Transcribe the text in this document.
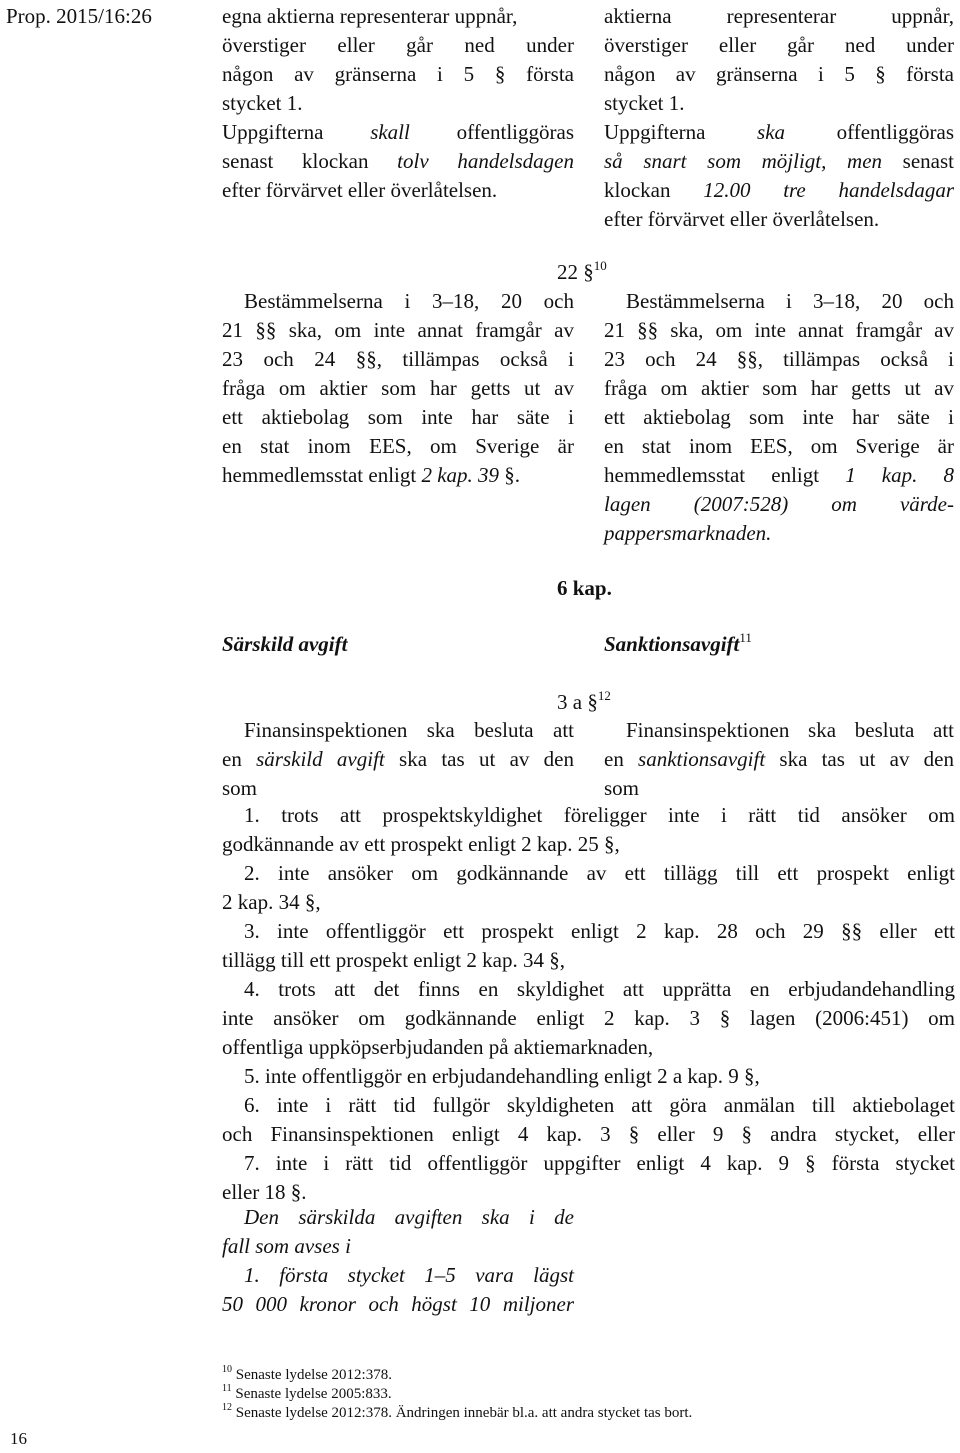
Prop. 2015/16:26
16
egna aktierna representerar uppnår,
överstiger eller går ned under
någon av gränserna i 5 § första
stycket 1.
Uppgifterna skall offentliggöras
senast klockan tolv handelsdagen
efter förvärvet eller överlåtelsen.
aktierna representerar uppnår,
överstiger eller går ned under
någon av gränserna i 5 § första
stycket 1.
Uppgifterna ska offentliggöras
så snart som möjligt, men senast
klockan 12.00 tre handelsdagar
efter förvärvet eller överlåtelsen.
22 §$^{10}$
Bestämmelserna i 3–18, 20 och
21 §§ ska, om inte annat framgår av
23 och 24 §§, tillämpas också i
fråga om aktier som har getts ut av
ett aktiebolag som inte har säte i
en stat inom EES, om Sverige är
hemmedlemsstat enligt 2 kap. 39 §.
Bestämmelserna i 3–18, 20 och
21 §§ ska, om inte annat framgår av
23 och 24 §§, tillämpas också i
fråga om aktier som har getts ut av
ett aktiebolag som inte har säte i
en stat inom EES, om Sverige är
hemmedlemsstat enligt 1 kap. 8
lagen (2007:528) om värde-
pappersmarknaden.
6 kap.
Särskild avgift	Sanktionsavgift$^{11}$
3 a §$^{12}$
Finansinspektionen ska besluta att
en särskild avgift ska tas ut av den
som
Finansinspektionen ska besluta att
en sanktionsavgift ska tas ut av den
som
1. trots att prospektskyldighet föreligger inte i rätt tid ansöker om
godkännande av ett prospekt enligt 2 kap. 25 §,
2. inte ansöker om godkännande av ett tillägg till ett prospekt enligt
2 kap. 34 §,
3. inte offentliggör ett prospekt enligt 2 kap. 28 och 29 §§ eller ett
tillägg till ett prospekt enligt 2 kap. 34 §,
4. trots att det finns en skyldighet att upprätta en erbjudandehandling
inte ansöker om godkännande enligt 2 kap. 3 § lagen (2006:451) om
offentliga uppköpserbjudanden på aktiemarknaden,
5. inte offentliggör en erbjudandehandling enligt 2 a kap. 9 §,
6. inte i rätt tid fullgör skyldigheten att göra anmälan till aktiebolaget
och Finansinspektionen enligt 4 kap. 3 § eller 9 § andra stycket, eller
7. inte i rätt tid offentliggör uppgifter enligt 4 kap. 9 § första stycket
eller 18 §.
Den särskilda avgiften ska i de
fall som avses i
1. första stycket 1–5 vara lägst
50 000 kronor och högst 10 miljoner
$^{10}$ Senaste lydelse 2012:378.
$^{11}$ Senaste lydelse 2005:833.
$^{12}$ Senaste lydelse 2012:378. Ändringen innebär bl.a. att andra stycket tas bort.
